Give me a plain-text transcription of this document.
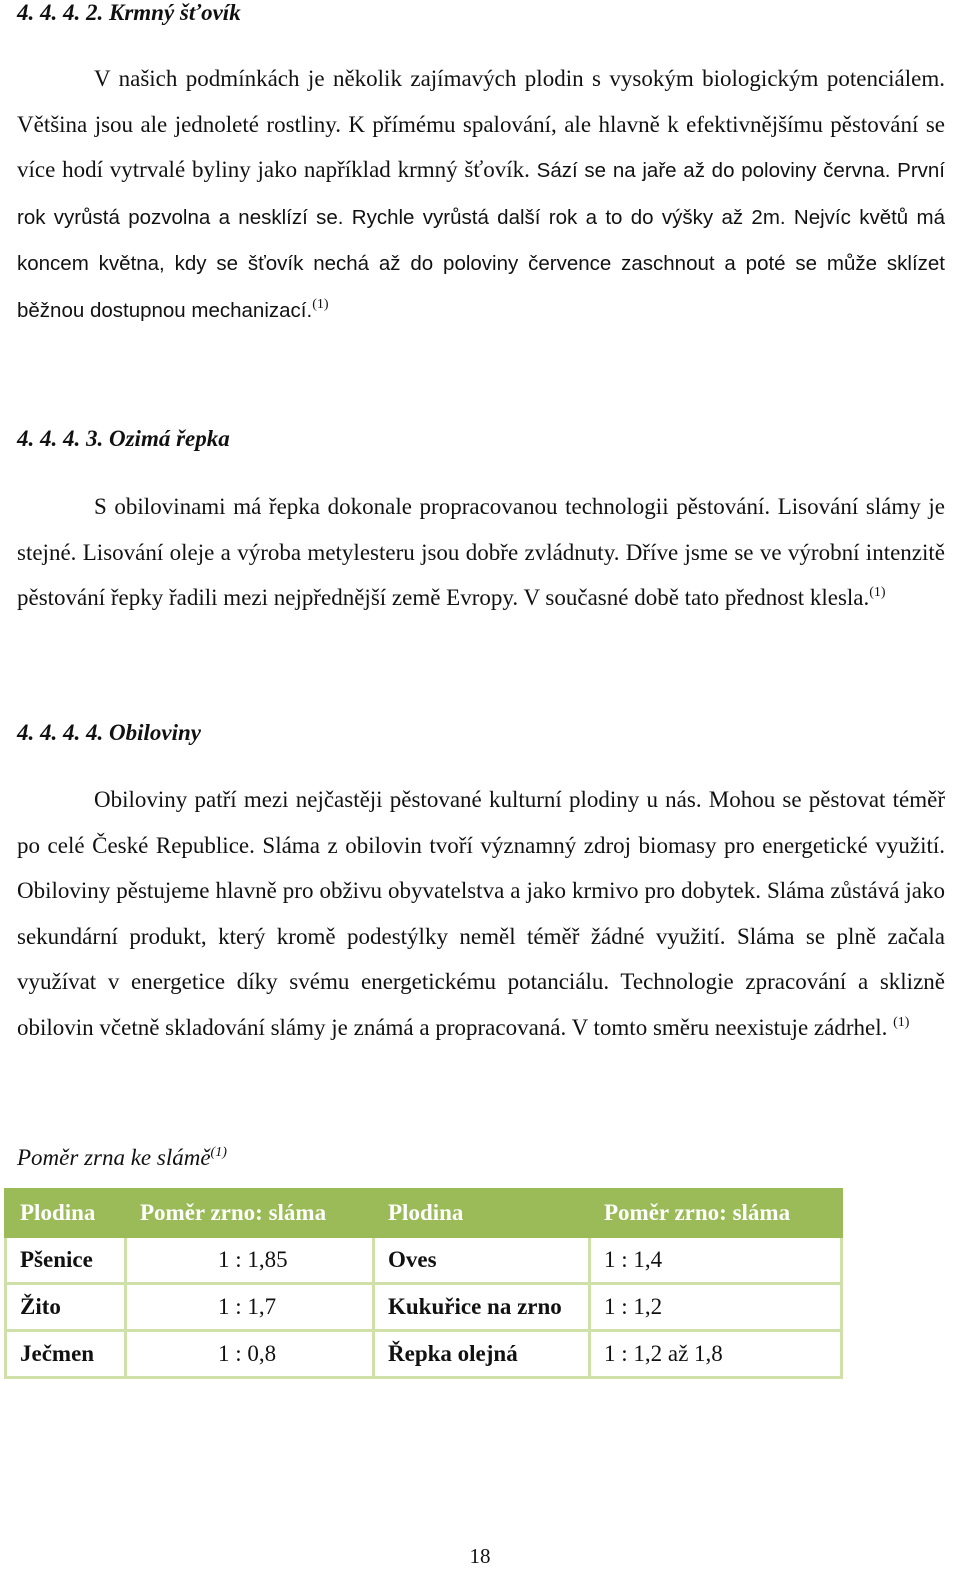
4. 4. 4. 2. Krmný šťovík

V našich podmínkách je několik zajímavých plodin s vysokým biologickým potenciálem. Většina jsou ale jednoleté rostliny. K přímému spalování, ale hlavně k efektivnějšímu pěstování se více hodí vytrvalé byliny jako například krmný šťovík. Sází se na jaře až do poloviny června. První rok vyrůstá pozvolna a nesklízí se. Rychle vyrůstá další rok a to do výšky až 2m. Nejvíc květů má koncem května, kdy se šťovík nechá až do poloviny července zaschnout a poté se může sklízet běžnou dostupnou mechanizací.$^{(1)}$

4. 4. 4. 3. Ozimá řepka

S obilovinami má řepka dokonale propracovanou technologii pěstování. Lisování slámy je stejné. Lisování oleje a výroba metylesteru jsou dobře zvládnuty. Dříve jsme se ve výrobní intenzitě pěstování řepky řadili mezi nejpřednější země Evropy. V současné době tato přednost klesla.$^{(1)}$

4. 4. 4. 4. Obiloviny

Obiloviny patří mezi nejčastěji pěstované kulturní plodiny u nás. Mohou se pěstovat téměř po celé České Republice. Sláma z obilovin tvoří významný zdroj biomasy pro energetické využití. Obiloviny pěstujeme hlavně pro obživu obyvatelstva a jako krmivo pro dobytek. Sláma zůstává jako sekundární produkt, který kromě podestýlky neměl téměř žádné využití. Sláma se plně začala využívat v energetice díky svému energetickému potanciálu. Technologie zpracování a sklizně obilovin včetně skladování slámy je známá a propracovaná. V tomto směru neexistuje zádrhel. $^{(1)}$

Poměr zrna ke slámě$^{(1)}$

Plodina	Poměr zrno: sláma	Plodina	Poměr zrno: sláma
Pšenice	1 : 1,85	Oves	1 : 1,4
Žito	1 : 1,7	Kukuřice na zrno	1 : 1,2
Ječmen	1 : 0,8	Řepka olejná	1 : 1,2 až 1,8
18
